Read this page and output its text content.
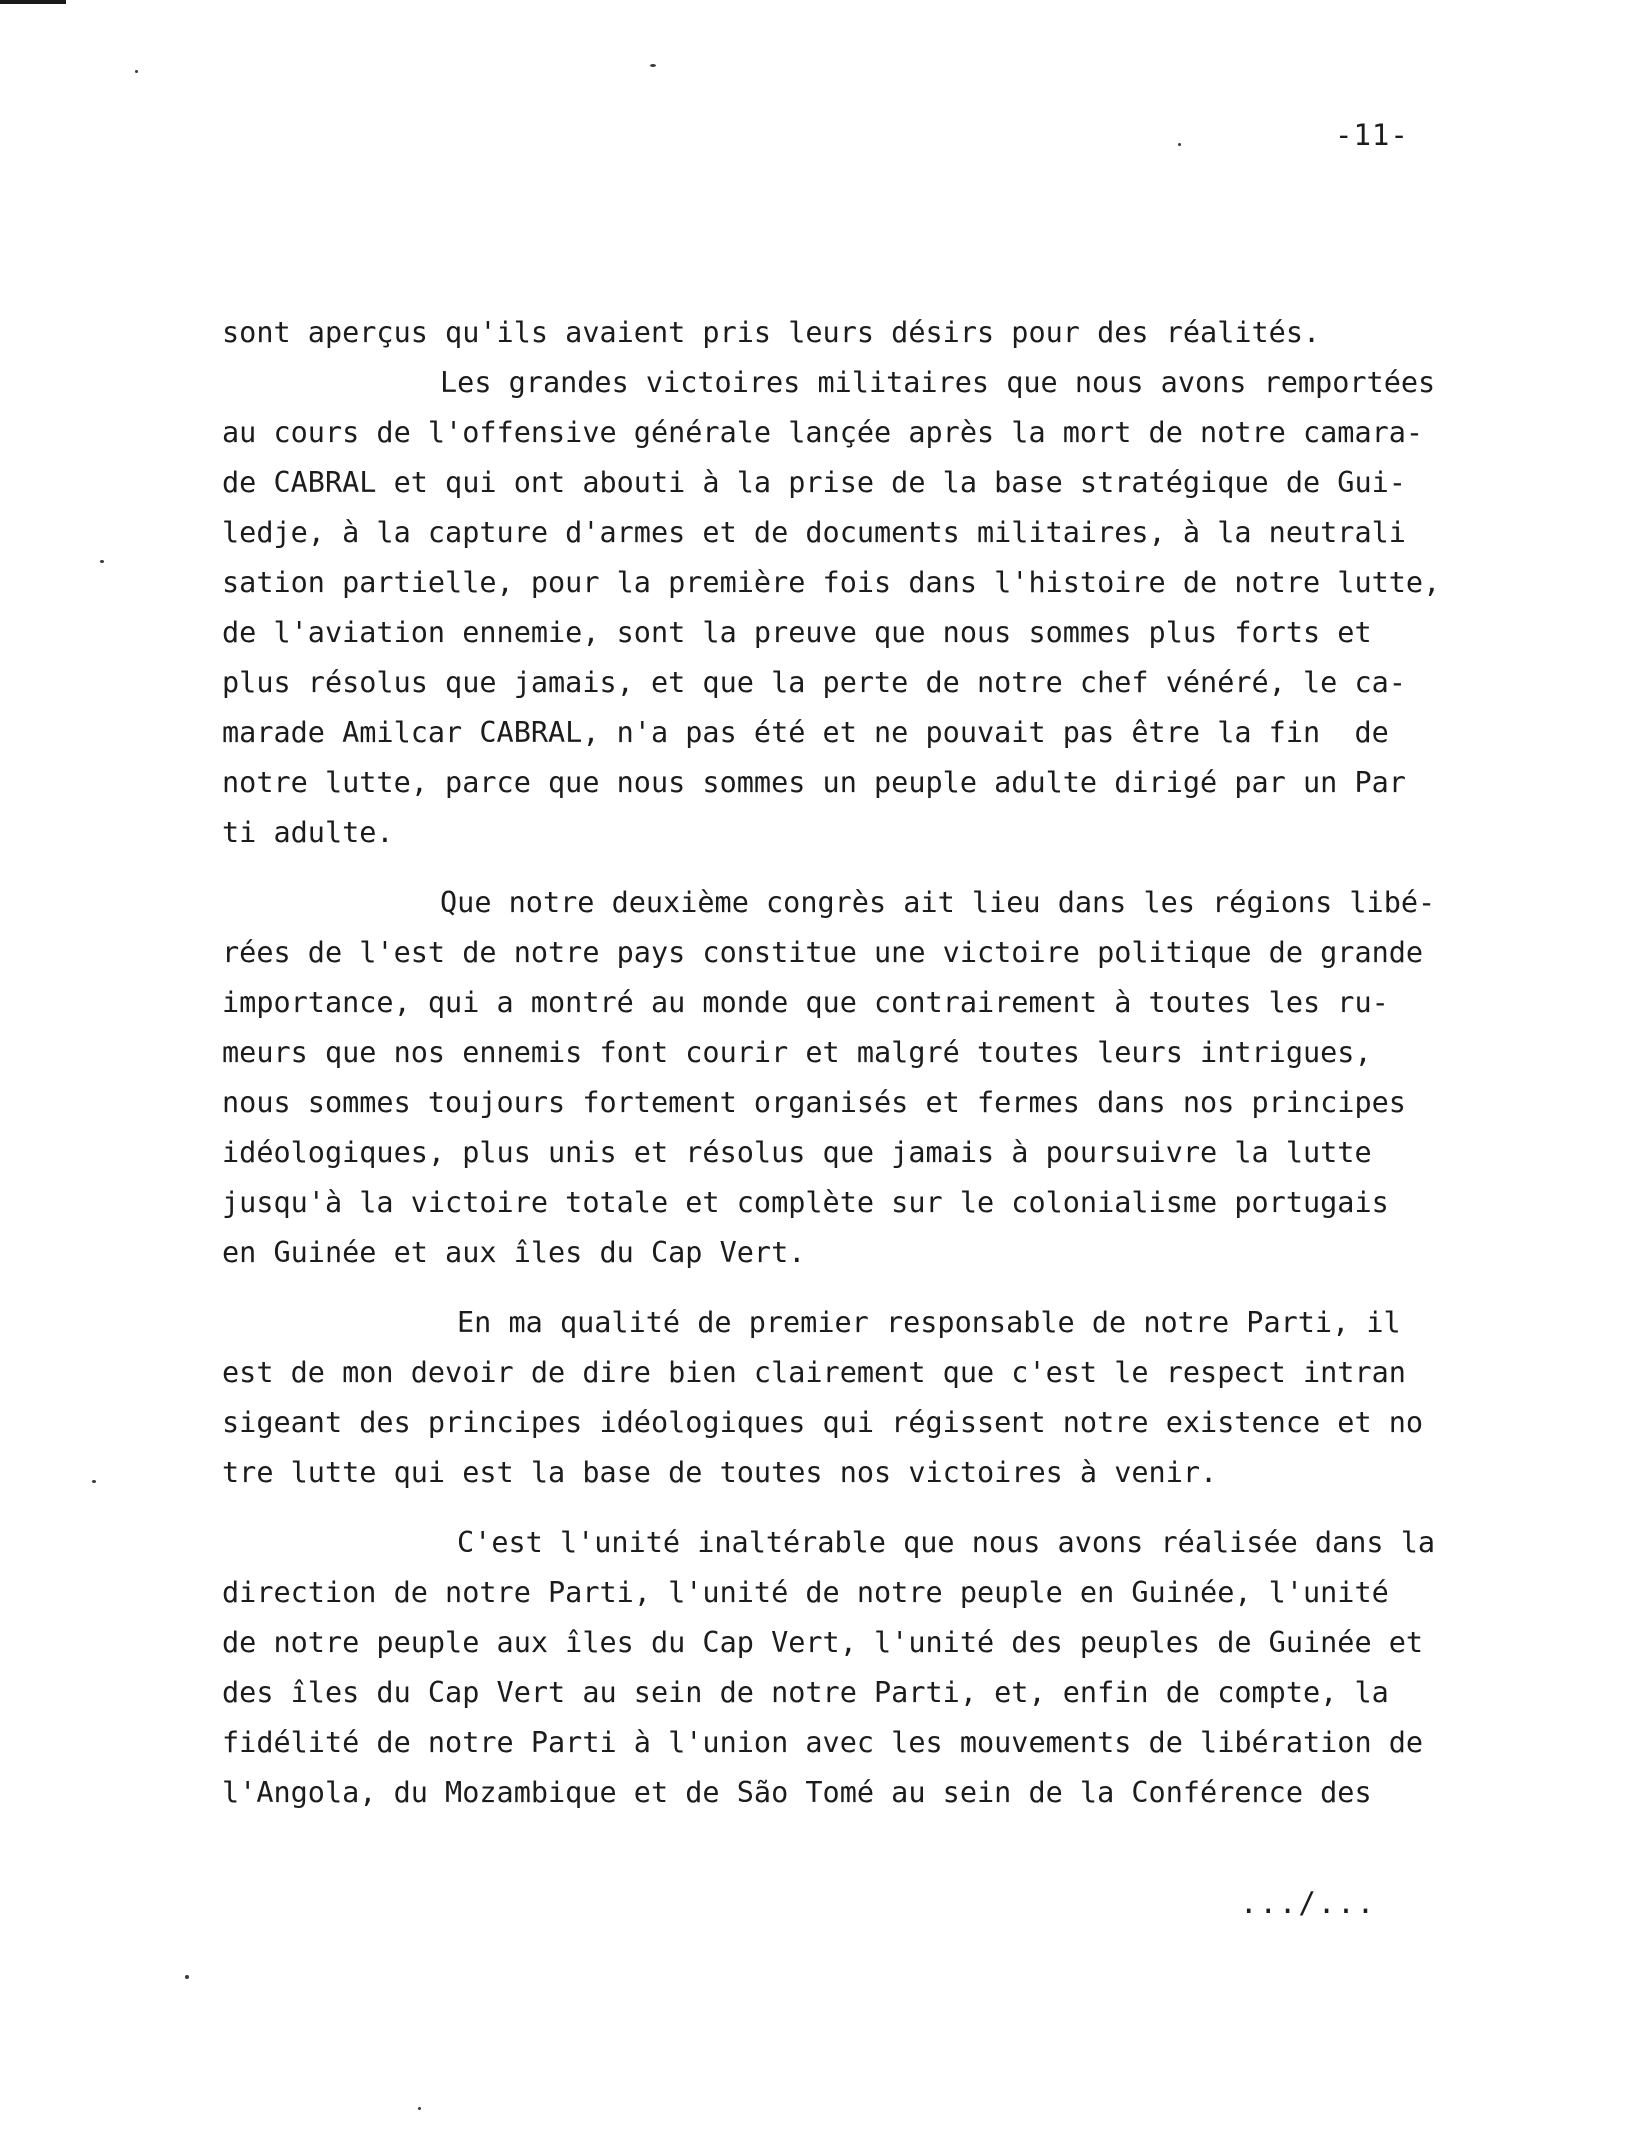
-11-
sont aperçus qu'ils avaient pris leurs désirs pour des réalités.
Les grandes victoires militaires que nous avons remportées
au cours de l'offensive générale lançée après la mort de notre camara-
de CABRAL et qui ont abouti à la prise de la base stratégique de Gui-
ledje, à la capture d'armes et de documents militaires, à la neutrali
sation partielle, pour la première fois dans l'histoire de notre lutte,
de l'aviation ennemie, sont la preuve que nous sommes plus forts et
plus résolus que jamais, et que la perte de notre chef vénéré, le ca-
marade Amilcar CABRAL, n'a pas été et ne pouvait pas être la fin  de
notre lutte, parce que nous sommes un peuple adulte dirigé par un Par
ti adulte.
Que notre deuxième congrès ait lieu dans les régions libé-
rées de l'est de notre pays constitue une victoire politique de grande
importance, qui a montré au monde que contrairement à toutes les ru-
meurs que nos ennemis font courir et malgré toutes leurs intrigues,
nous sommes toujours fortement organisés et fermes dans nos principes
idéologiques, plus unis et résolus que jamais à poursuivre la lutte
jusqu'à la victoire totale et complète sur le colonialisme portugais
en Guinée et aux îles du Cap Vert.
En ma qualité de premier responsable de notre Parti, il
est de mon devoir de dire bien clairement que c'est le respect intran
sigeant des principes idéologiques qui régissent notre existence et no
tre lutte qui est la base de toutes nos victoires à venir.
C'est l'unité inaltérable que nous avons réalisée dans la
direction de notre Parti, l'unité de notre peuple en Guinée, l'unité
de notre peuple aux îles du Cap Vert, l'unité des peuples de Guinée et
des îles du Cap Vert au sein de notre Parti, et, enfin de compte, la
fidélité de notre Parti à l'union avec les mouvements de libération de
l'Angola, du Mozambique et de São Tomé au sein de la Conférence des
.../...
